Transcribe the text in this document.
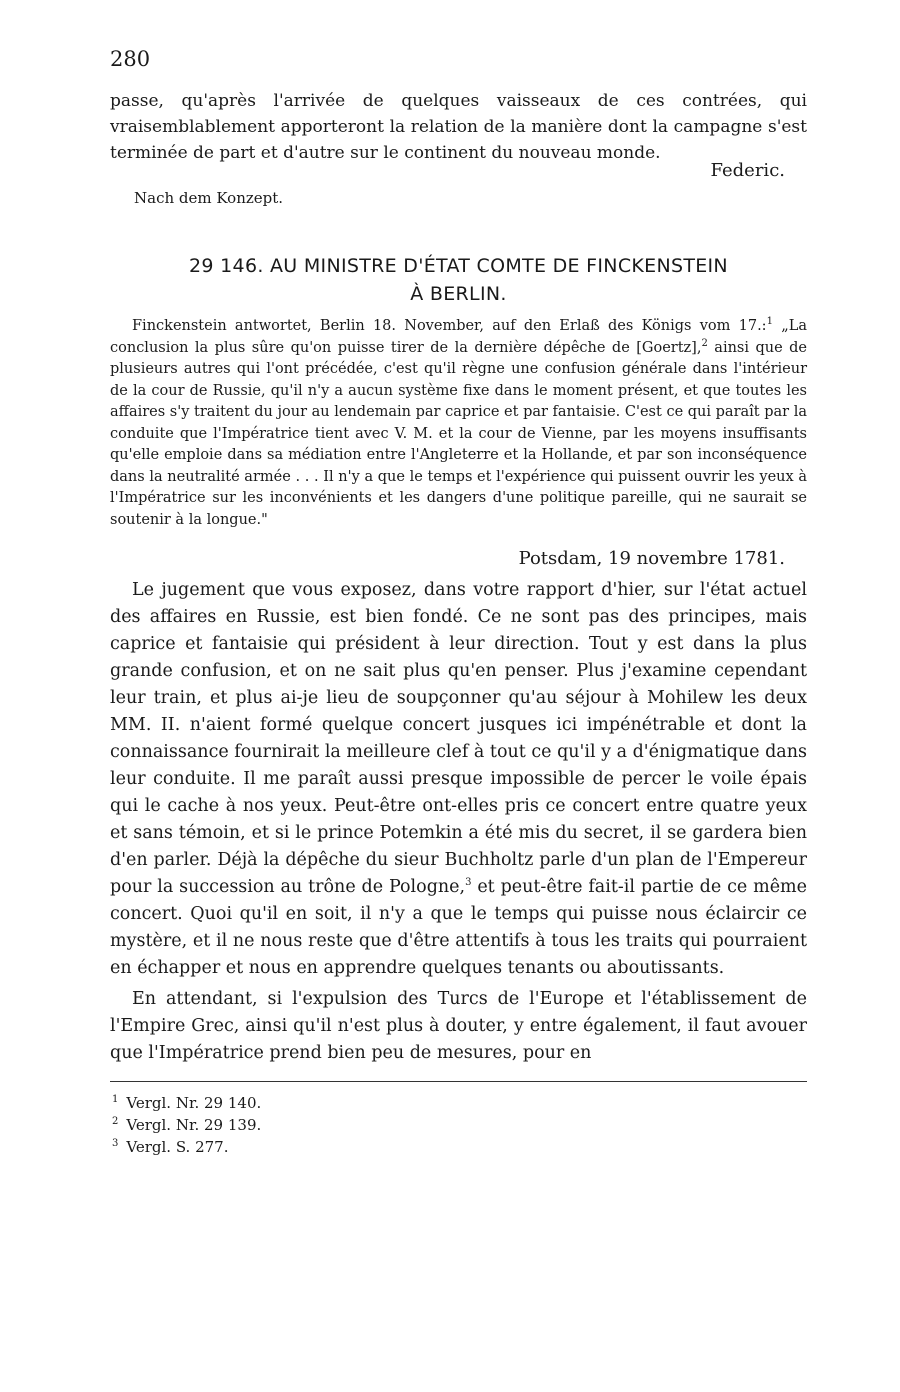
280

passe, qu'après l'arrivée de quelques vaisseaux de ces contrées, qui vraisemblablement apporteront la relation de la manière dont la campagne s'est terminée de part et d'autre sur le continent du nouveau monde.

Federic.
Nach dem Konzept.
29 146. AU MINISTRE D'ÉTAT COMTE DE FINCKENSTEIN
À BERLIN.

Finckenstein antwortet, Berlin 18. November, auf den Erlaß des Königs vom 17.:$^1$ „La conclusion la plus sûre qu'on puisse tirer de la dernière dépêche de [Goertz],$^2$ ainsi que de plusieurs autres qui l'ont précédée, c'est qu'il règne une confusion générale dans l'intérieur de la cour de Russie, qu'il n'y a aucun système fixe dans le moment présent, et que toutes les affaires s'y traitent du jour au lendemain par caprice et par fantaisie. C'est ce qui paraît par la conduite que l'Impératrice tient avec V. M. et la cour de Vienne, par les moyens insuffisants qu'elle emploie dans sa médiation entre l'Angleterre et la Hollande, et par son inconséquence dans la neutralité armée . . . Il n'y a que le temps et l'expérience qui puissent ouvrir les yeux à l'Impératrice sur les inconvénients et les dangers d'une politique pareille, qui ne saurait se soutenir à la longue."

Potsdam, 19 novembre 1781.

Le jugement que vous exposez, dans votre rapport d'hier, sur l'état actuel des affaires en Russie, est bien fondé. Ce ne sont pas des principes, mais caprice et fantaisie qui président à leur direction. Tout y est dans la plus grande confusion, et on ne sait plus qu'en penser. Plus j'examine cependant leur train, et plus ai-je lieu de soupçonner qu'au séjour à Mohilew les deux MM. II. n'aient formé quelque concert jusques ici impénétrable et dont la connaissance fournirait la meilleure clef à tout ce qu'il y a d'énigmatique dans leur conduite. Il me paraît aussi presque impossible de percer le voile épais qui le cache à nos yeux. Peut-être ont-elles pris ce concert entre quatre yeux et sans témoin, et si le prince Potemkin a été mis du secret, il se gardera bien d'en parler. Déjà la dépêche du sieur Buchholtz parle d'un plan de l'Empereur pour la succession au trône de Pologne,$^3$ et peut-être fait-il partie de ce même concert. Quoi qu'il en soit, il n'y a que le temps qui puisse nous éclaircir ce mystère, et il ne nous reste que d'être attentifs à tous les traits qui pourraient en échapper et nous en apprendre quelques tenants ou aboutissants.

En attendant, si l'expulsion des Turcs de l'Europe et l'établissement de l'Empire Grec, ainsi qu'il n'est plus à douter, y entre également, il faut avouer que l'Impératrice prend bien peu de mesures, pour en

$^1$ Vergl. Nr. 29 140.
$^2$ Vergl. Nr. 29 139.
$^3$ Vergl. S. 277.
